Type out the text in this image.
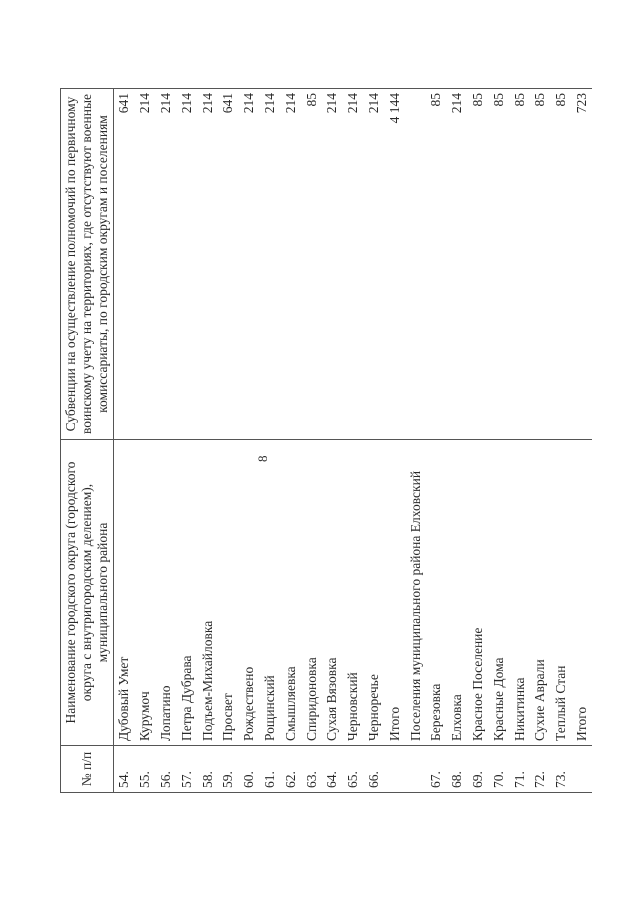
8
№ п/п	Наименование городского округа (городского округа с внутригородским делением), муниципального района	Субвенции на осуществление полномочий по первичному воинскому учету на территориях, где отсутствуют военные комиссариаты, по городским округам и поселениям
54.	Дубовый Умет	641
55.	Курумоч	214
56.	Лопатино	214
57.	Петра Дубрава	214
58.	Подъем-Михайловка	214
59.	Просвет	641
60.	Рождествено	214
61.	Рощинский	214
62.	Смышляевка	214
63.	Спиридоновка	85
64.	Сухая Вязовка	214
65.	Черновский	214
66.	Черноречье	214
	Итого	4 144
	Поселения муниципального района Елховский	
67.	Березовка	85
68.	Елховка	214
69.	Красное Поселение	85
70.	Красные Дома	85
71.	Никитинка	85
72.	Сухие Аврали	85
73.	Теплый Стан	85
	Итого	723
